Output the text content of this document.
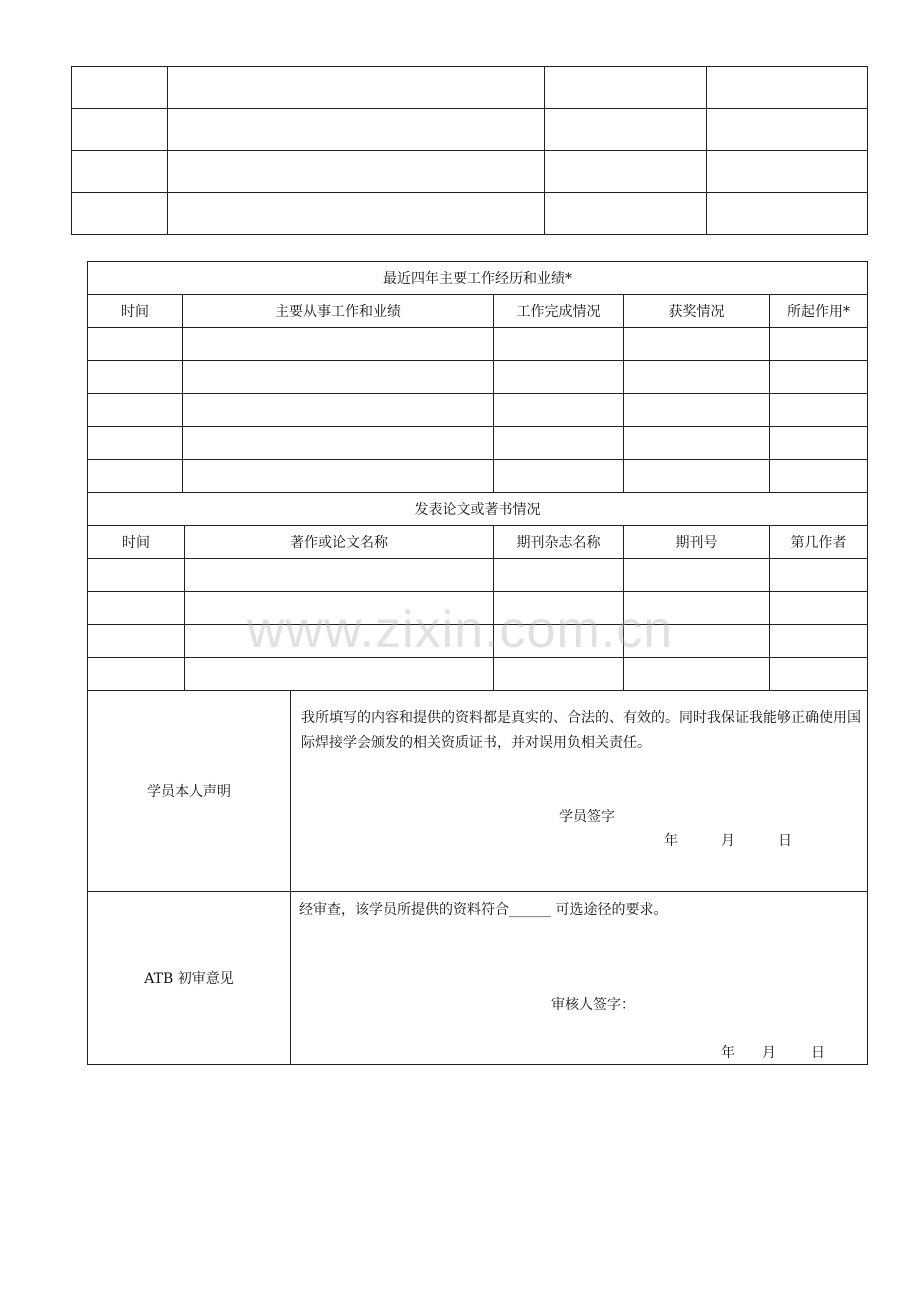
最近四年主要工作经历和业绩*						
时间	主要从事工作和业绩			工作完成情况	获奖情况	所起作用*

发表论文或著书情况						
时间		著作或论文名称		期刊杂志名称	期刊号	第几作者

学员本人声明			我所填写的内容和提供的资料都是真实的、合法的、有效的。同时我保证我能够正确使用国际焊接学会颁发的相关资质证书，并对误用负相关责任。
学员签字
年 月 日			

ATB 初审意见			经审查，该学员所提供的资料符合______ 可选途径的要求。
审核人签字：
年 月 日			
www.zixin.com.cn
